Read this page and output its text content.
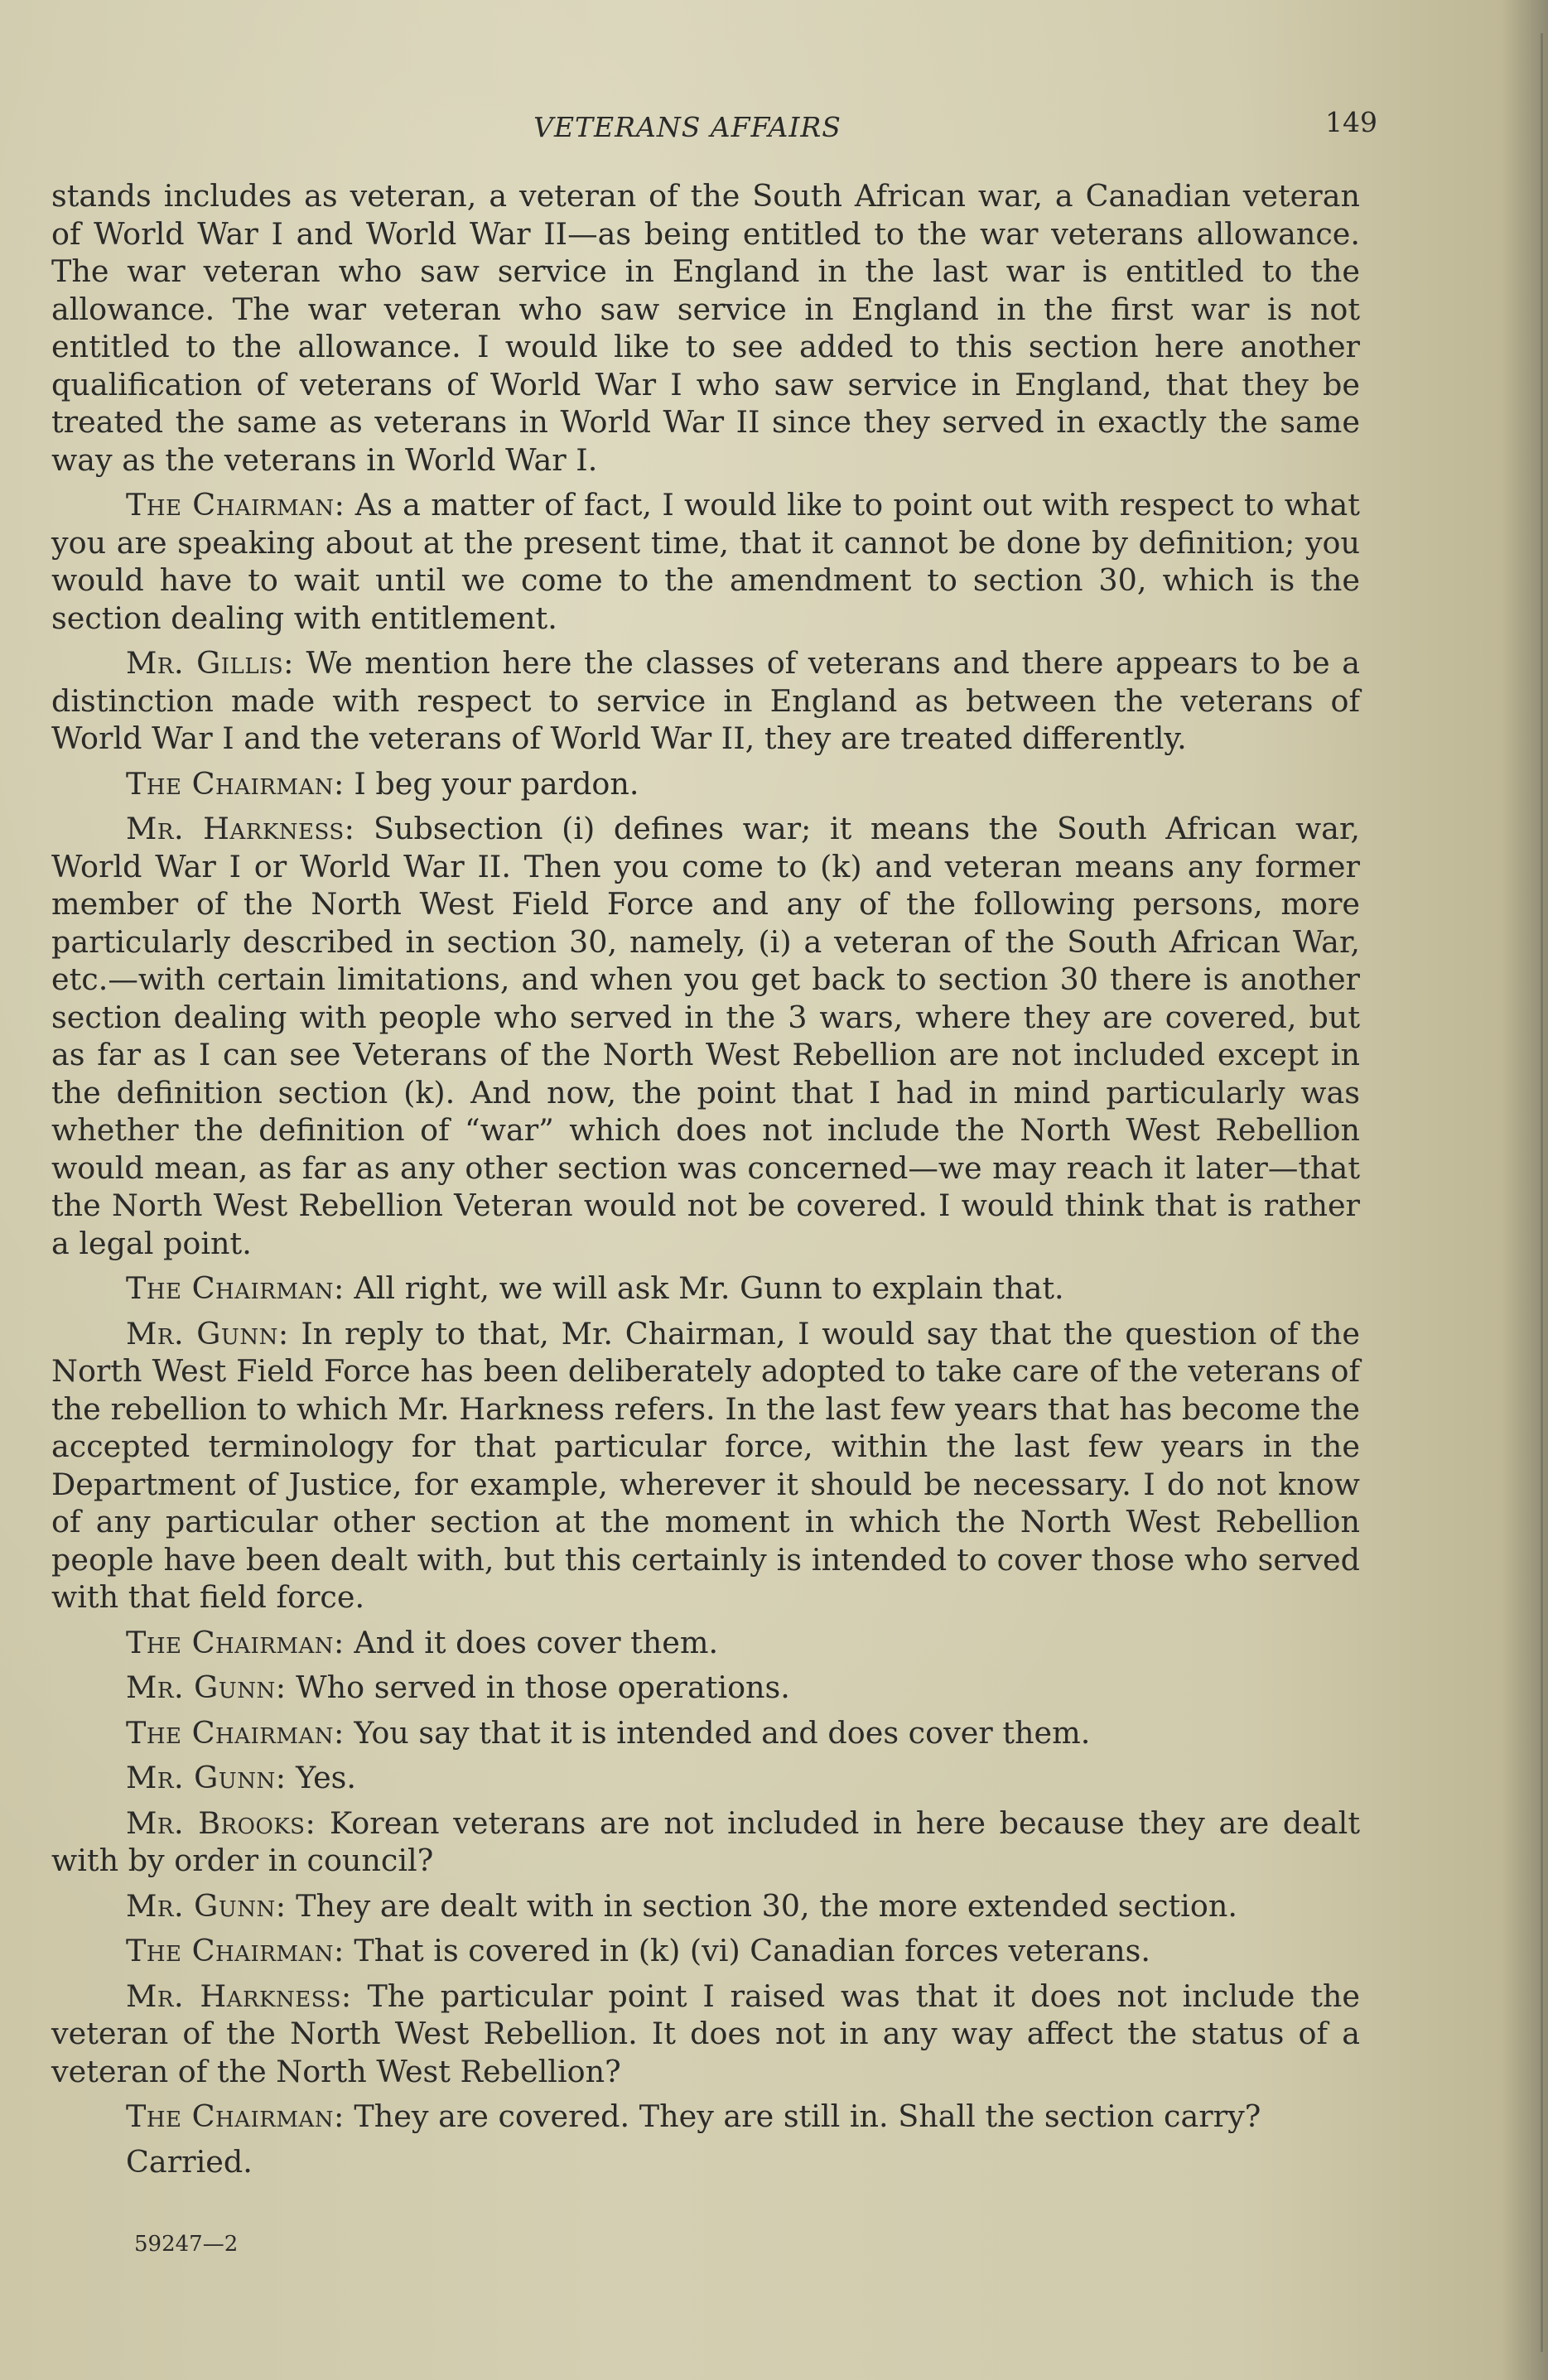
VETERANS AFFAIRS	149

stands includes as veteran, a veteran of the South African war, a Canadian veteran of World War I and World War II—as being entitled to the war veterans allowance. The war veteran who saw service in England in the last war is entitled to the allowance. The war veteran who saw service in England in the first war is not entitled to the allowance. I would like to see added to this section here another qualification of veterans of World War I who saw service in England, that they be treated the same as veterans in World War II since they served in exactly the same way as the veterans in World War I.

The Chairman: As a matter of fact, I would like to point out with respect to what you are speaking about at the present time, that it cannot be done by definition; you would have to wait until we come to the amendment to section 30, which is the section dealing with entitlement.

Mr. Gillis: We mention here the classes of veterans and there appears to be a distinction made with respect to service in England as between the veterans of World War I and the veterans of World War II, they are treated differently.

The Chairman: I beg your pardon.

Mr. Harkness: Subsection (i) defines war; it means the South African war, World War I or World War II. Then you come to (k) and veteran means any former member of the North West Field Force and any of the following persons, more particularly described in section 30, namely, (i) a veteran of the South African War, etc.—with certain limitations, and when you get back to section 30 there is another section dealing with people who served in the 3 wars, where they are covered, but as far as I can see Veterans of the North West Rebellion are not included except in the definition section (k). And now, the point that I had in mind particularly was whether the definition of “war” which does not include the North West Rebellion would mean, as far as any other section was concerned—we may reach it later—that the North West Rebellion Veteran would not be covered. I would think that is rather a legal point.

The Chairman: All right, we will ask Mr. Gunn to explain that.

Mr. Gunn: In reply to that, Mr. Chairman, I would say that the question of the North West Field Force has been deliberately adopted to take care of the veterans of the rebellion to which Mr. Harkness refers. In the last few years that has become the accepted terminology for that particular force, within the last few years in the Department of Justice, for example, wherever it should be necessary. I do not know of any particular other section at the moment in which the North West Rebellion people have been dealt with, but this certainly is intended to cover those who served with that field force.

The Chairman: And it does cover them.

Mr. Gunn: Who served in those operations.

The Chairman: You say that it is intended and does cover them.

Mr. Gunn: Yes.

Mr. Brooks: Korean veterans are not included in here because they are dealt with by order in council?

Mr. Gunn: They are dealt with in section 30, the more extended section.

The Chairman: That is covered in (k) (vi) Canadian forces veterans.

Mr. Harkness: The particular point I raised was that it does not include the veteran of the North West Rebellion. It does not in any way affect the status of a veteran of the North West Rebellion?

The Chairman: They are covered. They are still in. Shall the section carry?

Carried.

59247—2
